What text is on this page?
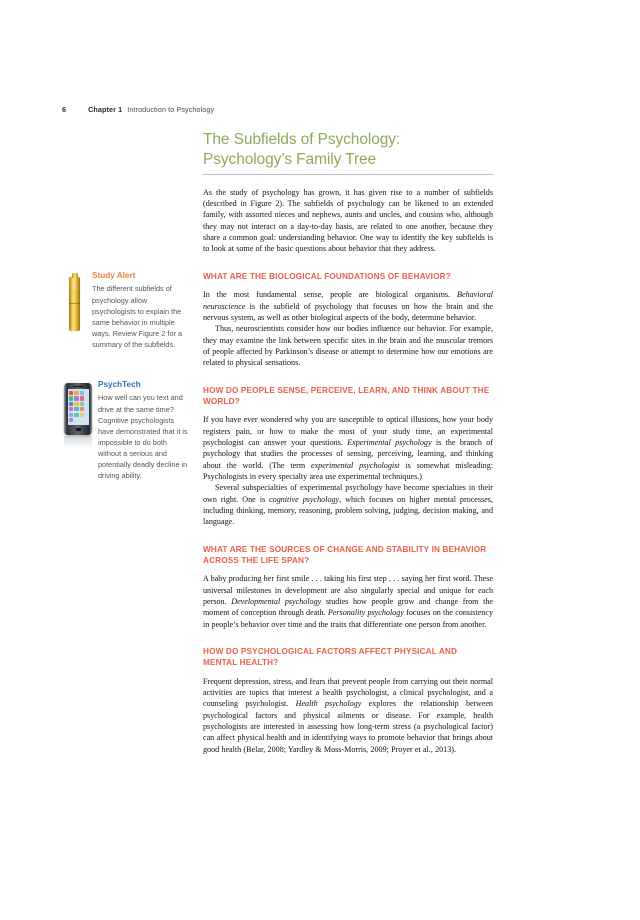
6	Chapter 1 Introduction to Psychology
Study Alert
The different subfields of psychology allow psychologists to explain the same behavior in multiple ways. Review Figure 2 for a summary of the subfields.
PsychTech
How well can you text and drive at the same time? Cognitive psychologists have demonstrated that it is impossible to do both without a serious and potentially deadly decline in driving ability.
The Subfields of Psychology:
Psychology’s Family Tree

As the study of psychology has grown, it has given rise to a number of subfields (described in Figure 2). The subfields of psychology can be likened to an extended family, with assorted nieces and nephews, aunts and uncles, and cousins who, although they may not interact on a day-to-day basis, are related to one another, because they share a common goal: understanding behavior. One way to identify the key subfields is to look at some of the basic questions about behavior that they address.

WHAT ARE THE BIOLOGICAL FOUNDATIONS OF BEHAVIOR?

In the most fundamental sense, people are biological organisms. Behavioral neuroscience is the subfield of psychology that focuses on how the brain and the nervous system, as well as other biological aspects of the body, determine behavior.

Thus, neuroscientists consider how our bodies influence our behavior. For example, they may examine the link between specific sites in the brain and the muscular tremors of people affected by Parkinson’s disease or attempt to determine how our emotions are related to physical sensations.

HOW DO PEOPLE SENSE, PERCEIVE, LEARN, AND THINK ABOUT THE WORLD?

If you have ever wondered why you are susceptible to optical illusions, how your body registers pain, or how to make the most of your study time, an experimental psychologist can answer your questions. Experimental psychology is the branch of psychology that studies the processes of sensing, perceiving, learning, and thinking about the world. (The term experimental psychologist is somewhat misleading: Psychologists in every specialty area use experimental techniques.)

Several subspecialties of experimental psychology have become specialties in their own right. One is cognitive psychology, which focuses on higher mental processes, including thinking, memory, reasoning, problem solving, judging, decision making, and language.

WHAT ARE THE SOURCES OF CHANGE AND STABILITY IN BEHAVIOR ACROSS THE LIFE SPAN?

A baby producing her first smile . . . taking his first step . . . saying her first word. These universal milestones in development are also singularly special and unique for each person. Developmental psychology studies how people grow and change from the moment of conception through death. Personality psychology focuses on the consistency in people’s behavior over time and the traits that differentiate one person from another.

HOW DO PSYCHOLOGICAL FACTORS AFFECT PHYSICAL AND MENTAL HEALTH?

Frequent depression, stress, and fears that prevent people from carrying out their normal activities are topics that interest a health psychologist, a clinical psychologist, and a counseling psychologist. Health psychology explores the relationship between psychological factors and physical ailments or disease. For example, health psychologists are interested in assessing how long-term stress (a psychological factor) can affect physical health and in identifying ways to promote behavior that brings about good health (Belar, 2008; Yardley & Moss-Morris, 2009; Proyer et al., 2013).
